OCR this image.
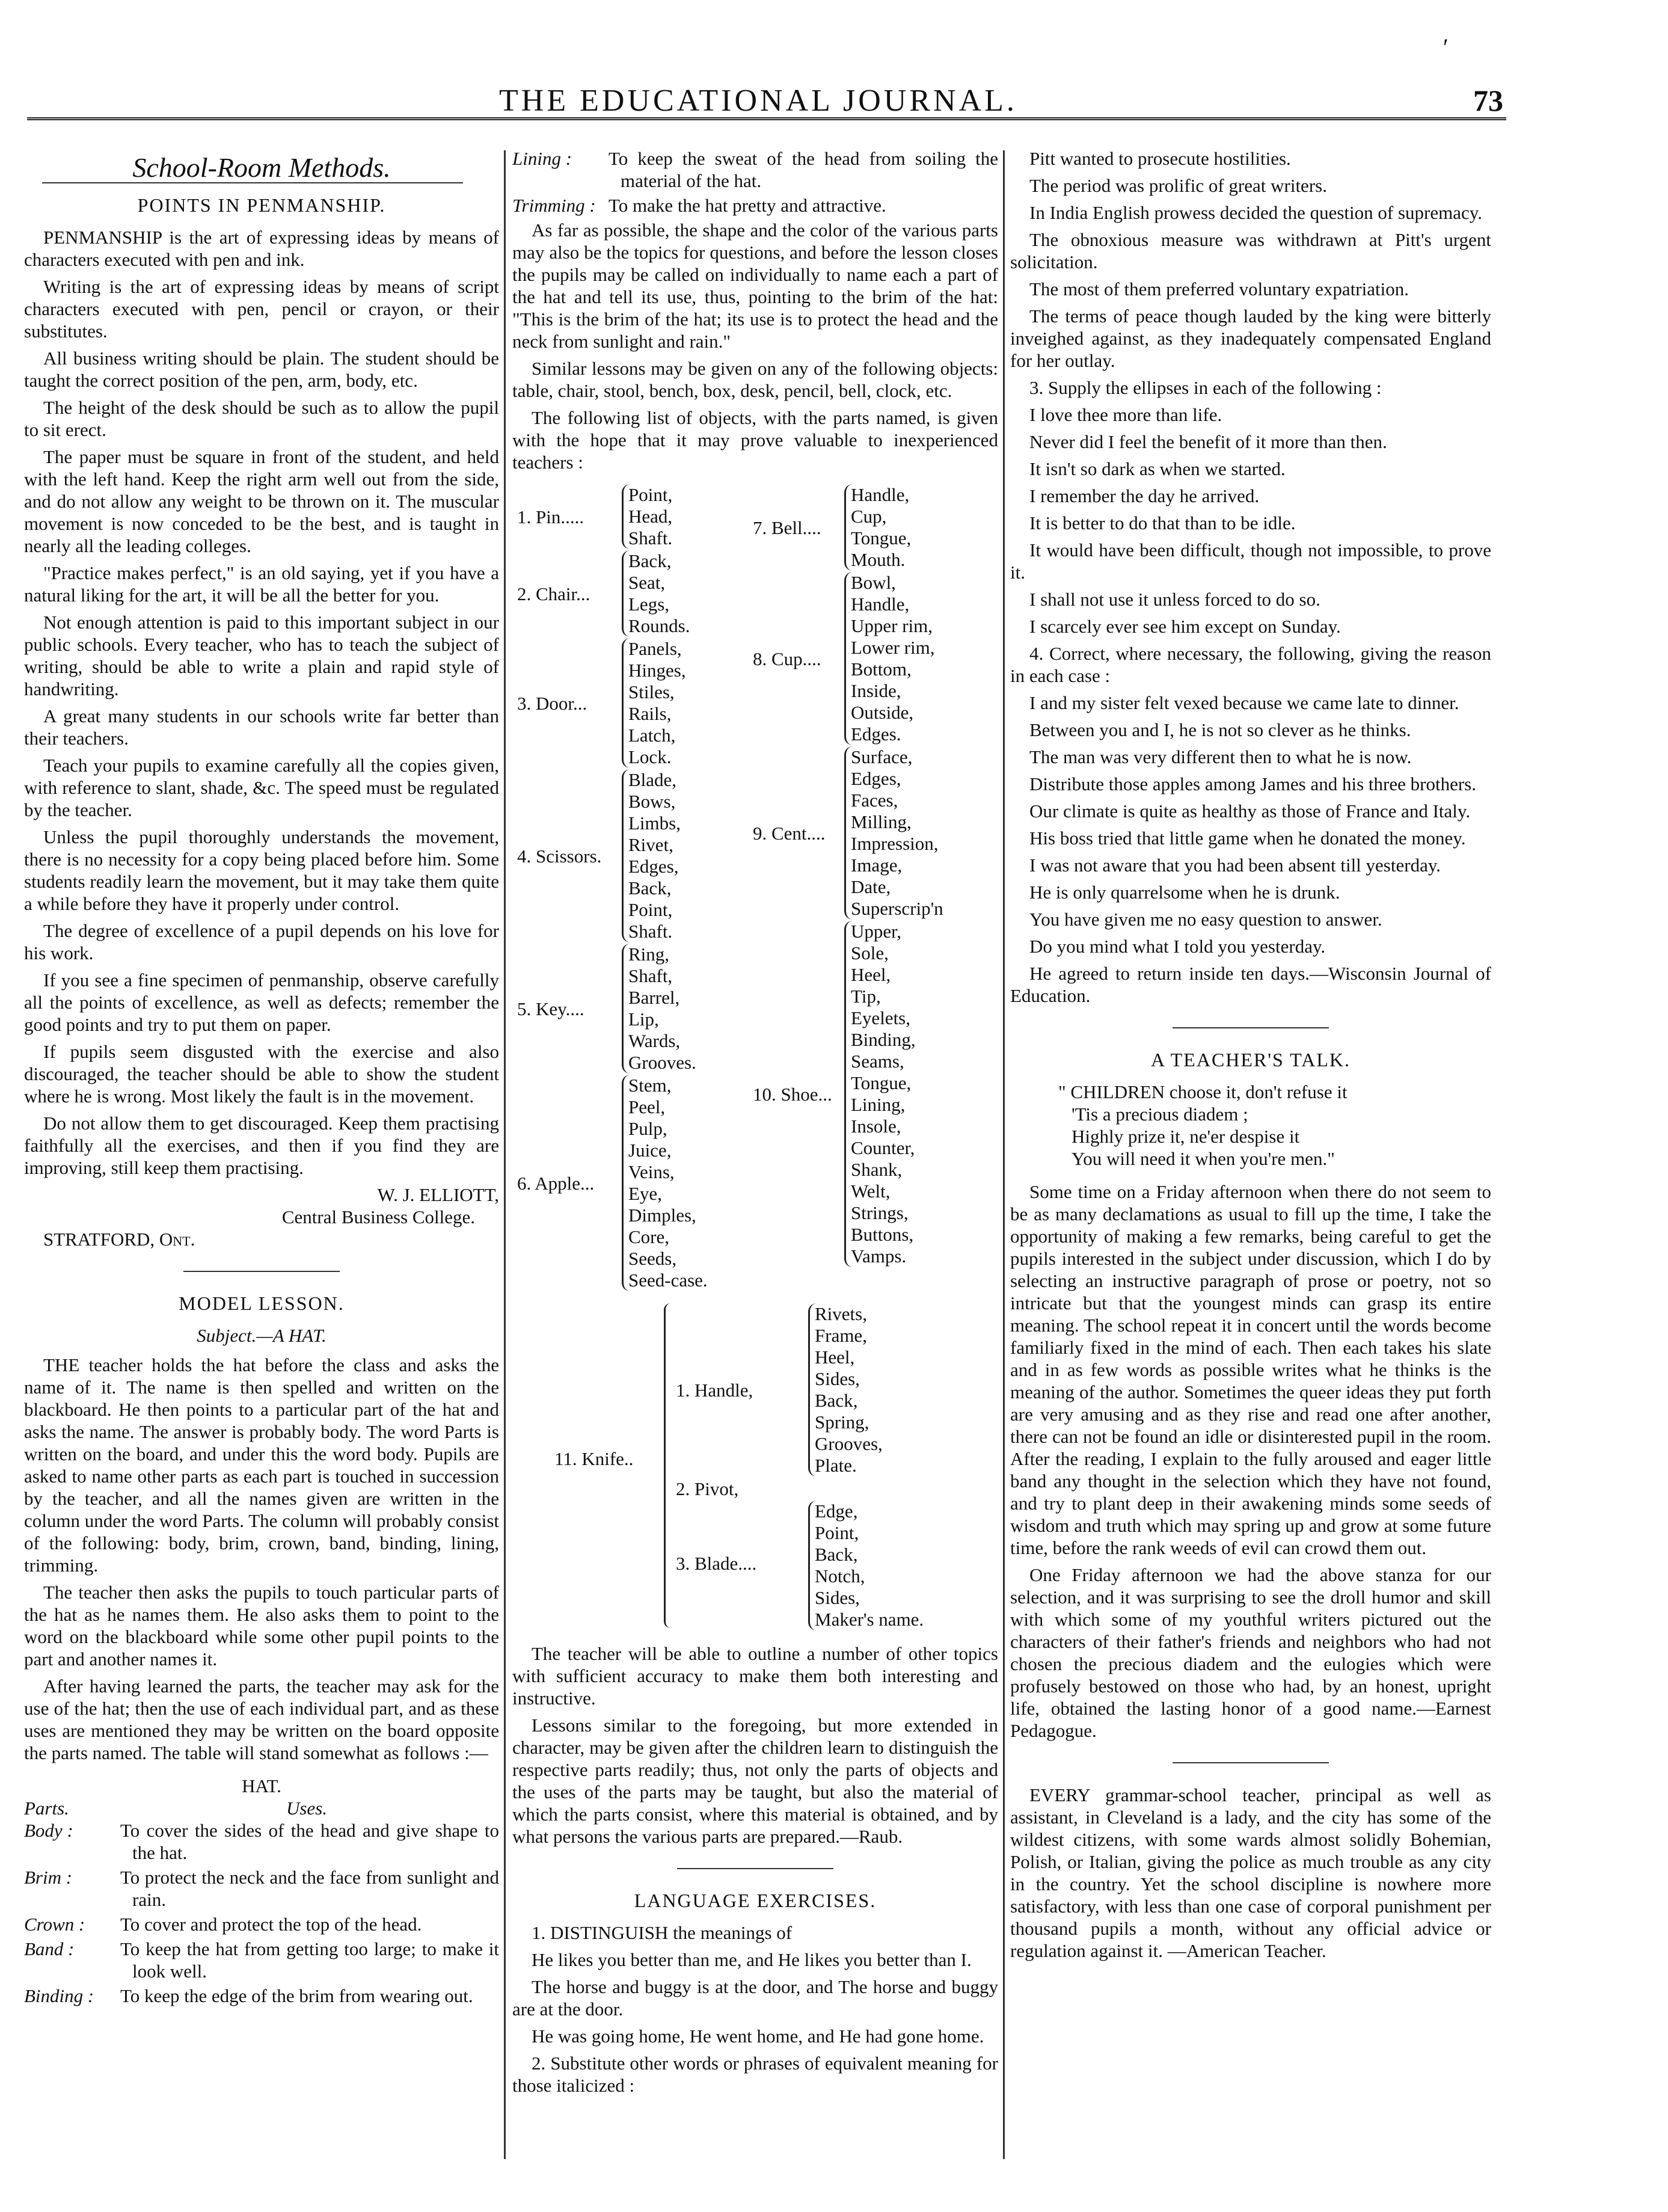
′
THE EDUCATIONAL JOURNAL.	73
School-Room Methods.
POINTS IN PENMANSHIP.

PENMANSHIP is the art of expressing ideas by means of characters executed with pen and ink.

Writing is the art of expressing ideas by means of script characters executed with pen, pencil or crayon, or their substitutes.

All business writing should be plain. The student should be taught the correct position of the pen, arm, body, etc.

The height of the desk should be such as to allow the pupil to sit erect.

The paper must be square in front of the student, and held with the left hand. Keep the right arm well out from the side, and do not allow any weight to be thrown on it. The muscular movement is now conceded to be the best, and is taught in nearly all the leading colleges.

"Practice makes perfect," is an old saying, yet if you have a natural liking for the art, it will be all the better for you.

Not enough attention is paid to this important subject in our public schools. Every teacher, who has to teach the subject of writing, should be able to write a plain and rapid style of handwriting.

A great many students in our schools write far better than their teachers.

Teach your pupils to examine carefully all the copies given, with reference to slant, shade, &c. The speed must be regulated by the teacher.

Unless the pupil thoroughly understands the movement, there is no necessity for a copy being placed before him. Some students readily learn the movement, but it may take them quite a while before they have it properly under control.

The degree of excellence of a pupil depends on his love for his work.

If you see a fine specimen of penmanship, observe carefully all the points of excellence, as well as defects; remember the good points and try to put them on paper.

If pupils seem disgusted with the exercise and also discouraged, the teacher should be able to show the student where he is wrong. Most likely the fault is in the movement.

Do not allow them to get discouraged. Keep them practising faithfully all the exercises, and then if you find they are improving, still keep them practising.

W. J. ELLIOTT,

Central Business College.

STRATFORD, Ont.

MODEL LESSON.
Subject.—A HAT.

THE teacher holds the hat before the class and asks the name of it. The name is then spelled and written on the blackboard. He then points to a particular part of the hat and asks the name. The answer is probably body. The word Parts is written on the board, and under this the word body. Pupils are asked to name other parts as each part is touched in succession by the teacher, and all the names given are written in the column under the word Parts. The column will probably consist of the following: body, brim, crown, band, binding, lining, trimming.

The teacher then asks the pupils to touch particular parts of the hat as he names them. He also asks them to point to the word on the blackboard while some other pupil points to the part and another names it.

After having learned the parts, the teacher may ask for the use of the hat; then the use of each individual part, and as these uses are mentioned they may be written on the board opposite the parts named. The table will stand somewhat as follows :—

HAT.
Parts.	Uses.
Body :	To cover the sides of the head and give shape to the hat.
Brim :	To protect the neck and the face from sunlight and rain.
Crown :	To cover and protect the top of the head.
Band :	To keep the hat from getting too large; to make it look well.
Binding :	To keep the edge of the brim from wearing out.
Lining :	To keep the sweat of the head from soiling the material of the hat.
Trimming : To make the hat pretty and attractive.

As far as possible, the shape and the color of the various parts may also be the topics for questions, and before the lesson closes the pupils may be called on individually to name each a part of the hat and tell its use, thus, pointing to the brim of the hat: "This is the brim of the hat; its use is to protect the head and the neck from sunlight and rain."

Similar lessons may be given on any of the following objects: table, chair, stool, bench, box, desk, pencil, bell, clock, etc.

The following list of objects, with the parts named, is given with the hope that it may prove valuable to inexperienced teachers :

1. Pin.....
Point,
Head,
Shaft.
2. Chair...
Back,
Seat,
Legs,
Rounds.
3. Door...
Panels,
Hinges,
Stiles,
Rails,
Latch,
Lock.
4. Scissors.
Blade,
Bows,
Limbs,
Rivet,
Edges,
Back,
Point,
Shaft.
5. Key....
Ring,
Shaft,
Barrel,
Lip,
Wards,
Grooves.
6. Apple...
Stem,
Peel,
Pulp,
Juice,
Veins,
Eye,
Dimples,
Core,
Seeds,
Seed-case.
7. Bell....
Handle,
Cup,
Tongue,
Mouth.
8. Cup....
Bowl,
Handle,
Upper rim,
Lower rim,
Bottom,
Inside,
Outside,
Edges.
9. Cent....
Surface,
Edges,
Faces,
Milling,
Impression,
Image,
Date,
Superscrip'n
10. Shoe...
Upper,
Sole,
Heel,
Tip,
Eyelets,
Binding,
Seams,
Tongue,
Lining,
Insole,
Counter,
Shank,
Welt,
Strings,
Buttons,
Vamps.
11. Knife..
1. Handle,
Rivets,
Frame,
Heel,
Sides,
Back,
Spring,
Grooves,
Plate.
2. Pivot,
3. Blade....
Edge,
Point,
Back,
Notch,
Sides,
Maker's name.

The teacher will be able to outline a number of other topics with sufficient accuracy to make them both interesting and instructive.

Lessons similar to the foregoing, but more extended in character, may be given after the children learn to distinguish the respective parts readily; thus, not only the parts of objects and the uses of the parts may be taught, but also the material of which the parts consist, where this material is obtained, and by what persons the various parts are prepared.—Raub.

LANGUAGE EXERCISES.

1. DISTINGUISH the meanings of

He likes you better than me, and He likes you better than I.

The horse and buggy is at the door, and The horse and buggy are at the door.

He was going home, He went home, and He had gone home.

2. Substitute other words or phrases of equivalent meaning for those italicized :

Pitt wanted to prosecute hostilities.

The period was prolific of great writers.

In India English prowess decided the question of supremacy.

The obnoxious measure was withdrawn at Pitt's urgent solicitation.

The most of them preferred voluntary expatriation.

The terms of peace though lauded by the king were bitterly inveighed against, as they inadequately compensated England for her outlay.

3. Supply the ellipses in each of the following :

I love thee more than life.

Never did I feel the benefit of it more than then.

It isn't so dark as when we started.

I remember the day he arrived.

It is better to do that than to be idle.

It would have been difficult, though not impossible, to prove it.

I shall not use it unless forced to do so.

I scarcely ever see him except on Sunday.

4. Correct, where necessary, the following, giving the reason in each case :

I and my sister felt vexed because we came late to dinner.

Between you and I, he is not so clever as he thinks.

The man was very different then to what he is now.

Distribute those apples among James and his three brothers.

Our climate is quite as healthy as those of France and Italy.

His boss tried that little game when he donated the money.

I was not aware that you had been absent till yesterday.

He is only quarrelsome when he is drunk.

You have given me no easy question to answer.

Do you mind what I told you yesterday.

He agreed to return inside ten days.—Wisconsin Journal of Education.

A TEACHER'S TALK.
" CHILDREN choose it, don't refuse it
'Tis a precious diadem ;
Highly prize it, ne'er despise it
You will need it when you're men."

Some time on a Friday afternoon when there do not seem to be as many declamations as usual to fill up the time, I take the opportunity of making a few remarks, being careful to get the pupils interested in the subject under discussion, which I do by selecting an instructive paragraph of prose or poetry, not so intricate but that the youngest minds can grasp its entire meaning. The school repeat it in concert until the words become familiarly fixed in the mind of each. Then each takes his slate and in as few words as possible writes what he thinks is the meaning of the author. Sometimes the queer ideas they put forth are very amusing and as they rise and read one after another, there can not be found an idle or disinterested pupil in the room. After the reading, I explain to the fully aroused and eager little band any thought in the selection which they have not found, and try to plant deep in their awakening minds some seeds of wisdom and truth which may spring up and grow at some future time, before the rank weeds of evil can crowd them out.

One Friday afternoon we had the above stanza for our selection, and it was surprising to see the droll humor and skill with which some of my youthful writers pictured out the characters of their father's friends and neighbors who had not chosen the precious diadem and the eulogies which were profusely bestowed on those who had, by an honest, upright life, obtained the lasting honor of a good name.—Earnest Pedagogue.

EVERY grammar-school teacher, principal as well as assistant, in Cleveland is a lady, and the city has some of the wildest citizens, with some wards almost solidly Bohemian, Polish, or Italian, giving the police as much trouble as any city in the country. Yet the school discipline is nowhere more satisfactory, with less than one case of corporal punishment per thousand pupils a month, without any official advice or regulation against it. —American Teacher.
